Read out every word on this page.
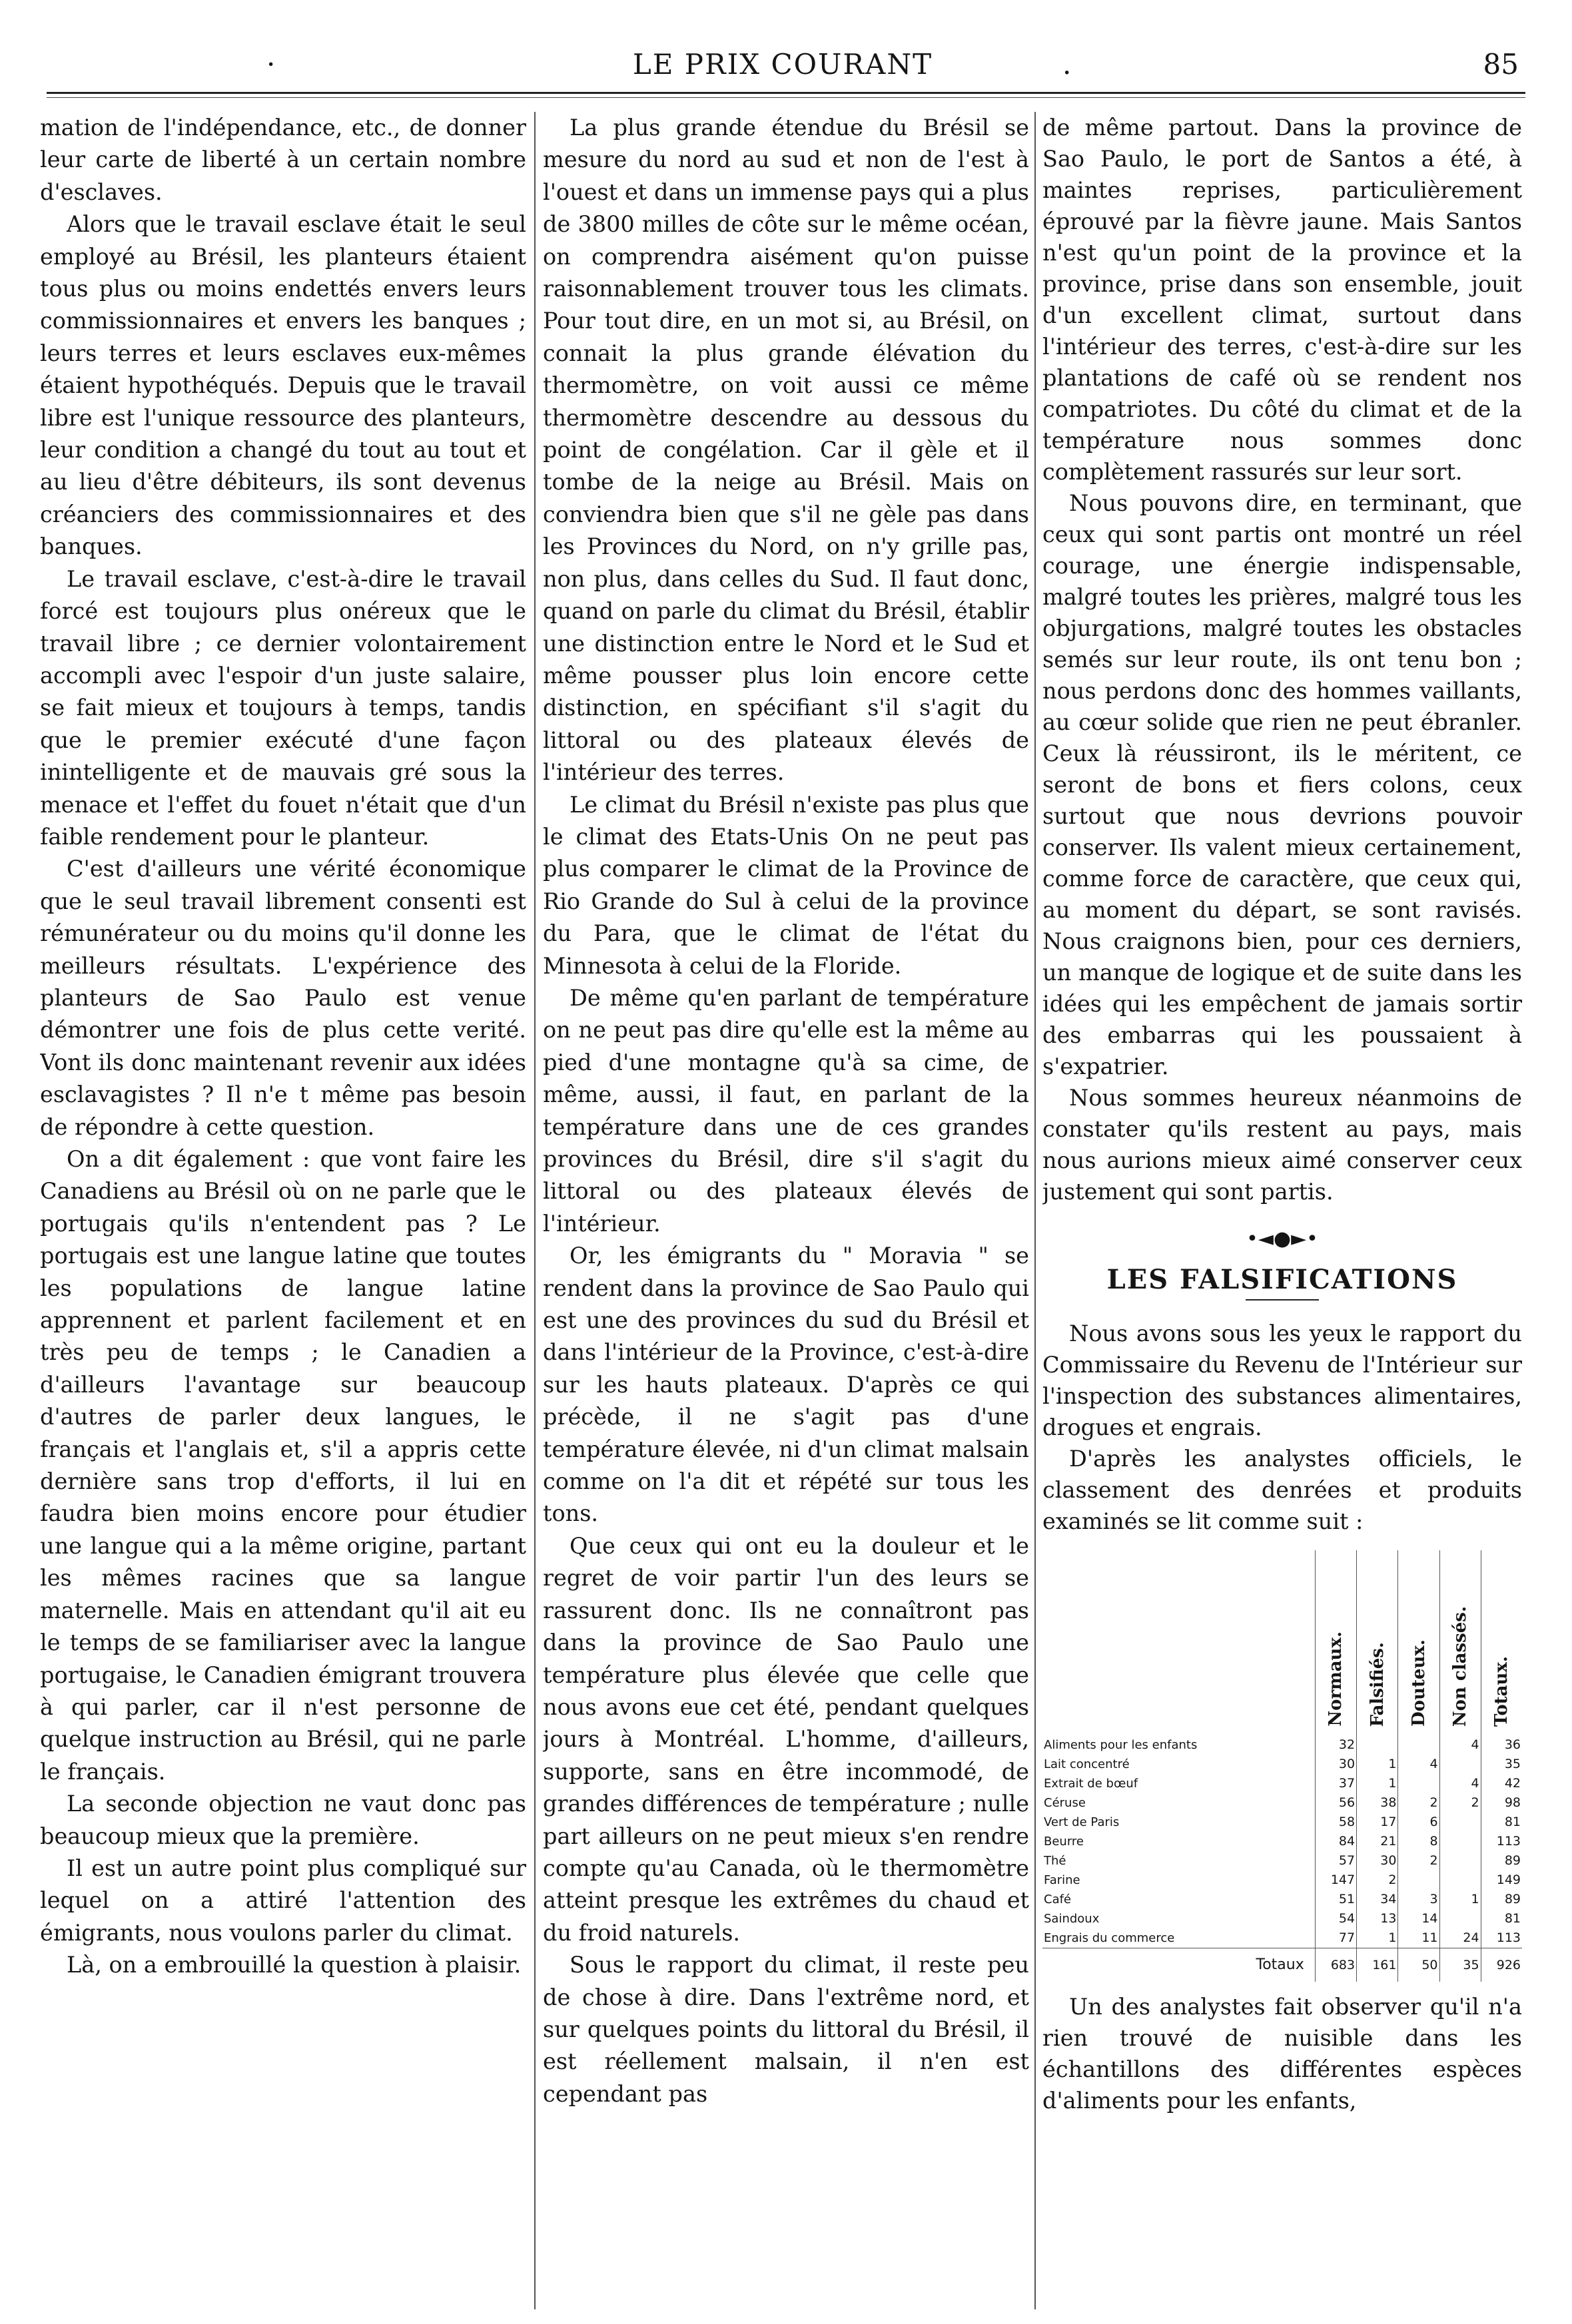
·	LE PRIX COURANT	.	85

mation de l'indépendance, etc., de donner leur carte de liberté à un certain nombre d'esclaves.

Alors que le travail esclave était le seul employé au Brésil, les planteurs étaient tous plus ou moins endettés envers leurs commissionnaires et envers les banques ; leurs terres et leurs esclaves eux-mêmes étaient hypothéqués. Depuis que le travail libre est l'unique ressource des planteurs, leur condition a changé du tout au tout et au lieu d'être débiteurs, ils sont devenus créanciers des commissionnaires et des banques.

Le travail esclave, c'est-à-dire le travail forcé est toujours plus onéreux que le travail libre ; ce dernier volontairement accompli avec l'espoir d'un juste salaire, se fait mieux et toujours à temps, tandis que le premier exécuté d'une façon inintelligente et de mauvais gré sous la menace et l'effet du fouet n'était que d'un faible rendement pour le planteur.

C'est d'ailleurs une vérité économique que le seul travail librement consenti est rémunérateur ou du moins qu'il donne les meilleurs résultats. L'expérience des planteurs de Sao Paulo est venue démontrer une fois de plus cette verité. Vont ils donc maintenant revenir aux idées esclavagistes ? Il n'e t même pas besoin de répondre à cette question.

On a dit également : que vont faire les Canadiens au Brésil où on ne parle que le portugais qu'ils n'entendent pas ? Le portugais est une langue latine que toutes les populations de langue latine apprennent et parlent facilement et en très peu de temps ; le Canadien a d'ailleurs l'avantage sur beaucoup d'autres de parler deux langues, le français et l'anglais et, s'il a appris cette dernière sans trop d'efforts, il lui en faudra bien moins encore pour étudier une langue qui a la même origine, partant les mêmes racines que sa langue maternelle. Mais en attendant qu'il ait eu le temps de se familiariser avec la langue portugaise, le Canadien émigrant trouvera à qui parler, car il n'est personne de quelque instruction au Brésil, qui ne parle le français.

La seconde objection ne vaut donc pas beaucoup mieux que la première.

Il est un autre point plus compliqué sur lequel on a attiré l'attention des émigrants, nous voulons parler du climat.

Là, on a embrouillé la question à plaisir.

La plus grande étendue du Brésil se mesure du nord au sud et non de l'est à l'ouest et dans un immense pays qui a plus de 3800 milles de côte sur le même océan, on comprendra aisément qu'on puisse raisonnablement trouver tous les climats. Pour tout dire, en un mot si, au Brésil, on connait la plus grande élévation du thermomètre, on voit aussi ce même thermomètre descendre au dessous du point de congélation. Car il gèle et il tombe de la neige au Brésil. Mais on conviendra bien que s'il ne gèle pas dans les Provinces du Nord, on n'y grille pas, non plus, dans celles du Sud. Il faut donc, quand on parle du climat du Brésil, établir une distinction entre le Nord et le Sud et même pousser plus loin encore cette distinction, en spécifiant s'il s'agit du littoral ou des plateaux élevés de l'intérieur des terres.

Le climat du Brésil n'existe pas plus que le climat des Etats-Unis On ne peut pas plus comparer le climat de la Province de Rio Grande do Sul à celui de la province du Para, que le climat de l'état du Minnesota à celui de la Floride.

De même qu'en parlant de température on ne peut pas dire qu'elle est la même au pied d'une montagne qu'à sa cime, de même, aussi, il faut, en parlant de la température dans une de ces grandes provinces du Brésil, dire s'il s'agit du littoral ou des plateaux élevés de l'intérieur.

Or, les émigrants du " Moravia " se rendent dans la province de Sao Paulo qui est une des provinces du sud du Brésil et dans l'intérieur de la Province, c'est-à-dire sur les hauts plateaux. D'après ce qui précède, il ne s'agit pas d'une température élevée, ni d'un climat malsain comme on l'a dit et répété sur tous les tons.

Que ceux qui ont eu la douleur et le regret de voir partir l'un des leurs se rassurent donc. Ils ne connaîtront pas dans la province de Sao Paulo une température plus élevée que celle que nous avons eue cet été, pendant quelques jours à Montréal. L'homme, d'ailleurs, supporte, sans en être incommodé, de grandes différences de température ; nulle part ailleurs on ne peut mieux s'en rendre compte qu'au Canada, où le thermomètre atteint presque les extrêmes du chaud et du froid naturels.

Sous le rapport du climat, il reste peu de chose à dire. Dans l'extrême nord, et sur quelques points du littoral du Brésil, il est réellement malsain, il n'en est cependant pas

de même partout. Dans la province de Sao Paulo, le port de Santos a été, à maintes reprises, particulièrement éprouvé par la fièvre jaune. Mais Santos n'est qu'un point de la province et la province, prise dans son ensemble, jouit d'un excellent climat, surtout dans l'intérieur des terres, c'est-à-dire sur les plantations de café où se rendent nos compatriotes. Du côté du climat et de la température nous sommes donc complètement rassurés sur leur sort.

Nous pouvons dire, en terminant, que ceux qui sont partis ont montré un réel courage, une énergie indispensable, malgré toutes les prières, malgré tous les objurgations, malgré toutes les obstacles semés sur leur route, ils ont tenu bon ; nous perdons donc des hommes vaillants, au cœur solide que rien ne peut ébranler. Ceux là réussiront, ils le méritent, ce seront de bons et fiers colons, ceux surtout que nous devrions pouvoir conserver. Ils valent mieux certainement, comme force de caractère, que ceux qui, au moment du départ, se sont ravisés. Nous craignons bien, pour ces derniers, un manque de logique et de suite dans les idées qui les empêchent de jamais sortir des embarras qui les poussaient à s'expatrier.

Nous sommes heureux néanmoins de constater qu'ils restent au pays, mais nous aurions mieux aimé conserver ceux justement qui sont partis.

•◄●►•
LES FALSIFICATIONS

Nous avons sous les yeux le rapport du Commissaire du Revenu de l'Intérieur sur l'inspection des substances alimentaires, drogues et engrais.

D'après les analystes officiels, le classement des denrées et produits examinés se lit comme suit :

	Normaux.	Falsifiés.	Douteux.	Non classés.	Totaux.
Aliments pour les enfants	32			4	36
Lait concentré	30	1	4		35
Extrait de bœuf	37	1		4	42
Céruse	56	38	2	2	98
Vert de Paris	58	17	6		81
Beurre	84	21	8		113
Thé	57	30	2		89
Farine	147	2			149
Café	51	34	3	1	89
Saindoux	54	13	14		81
Engrais du commerce	77	1	11	24	113
Totaux	683	161	50	35	926

Un des analystes fait observer qu'il n'a rien trouvé de nuisible dans les échantillons des différentes espèces d'aliments pour les enfants,
